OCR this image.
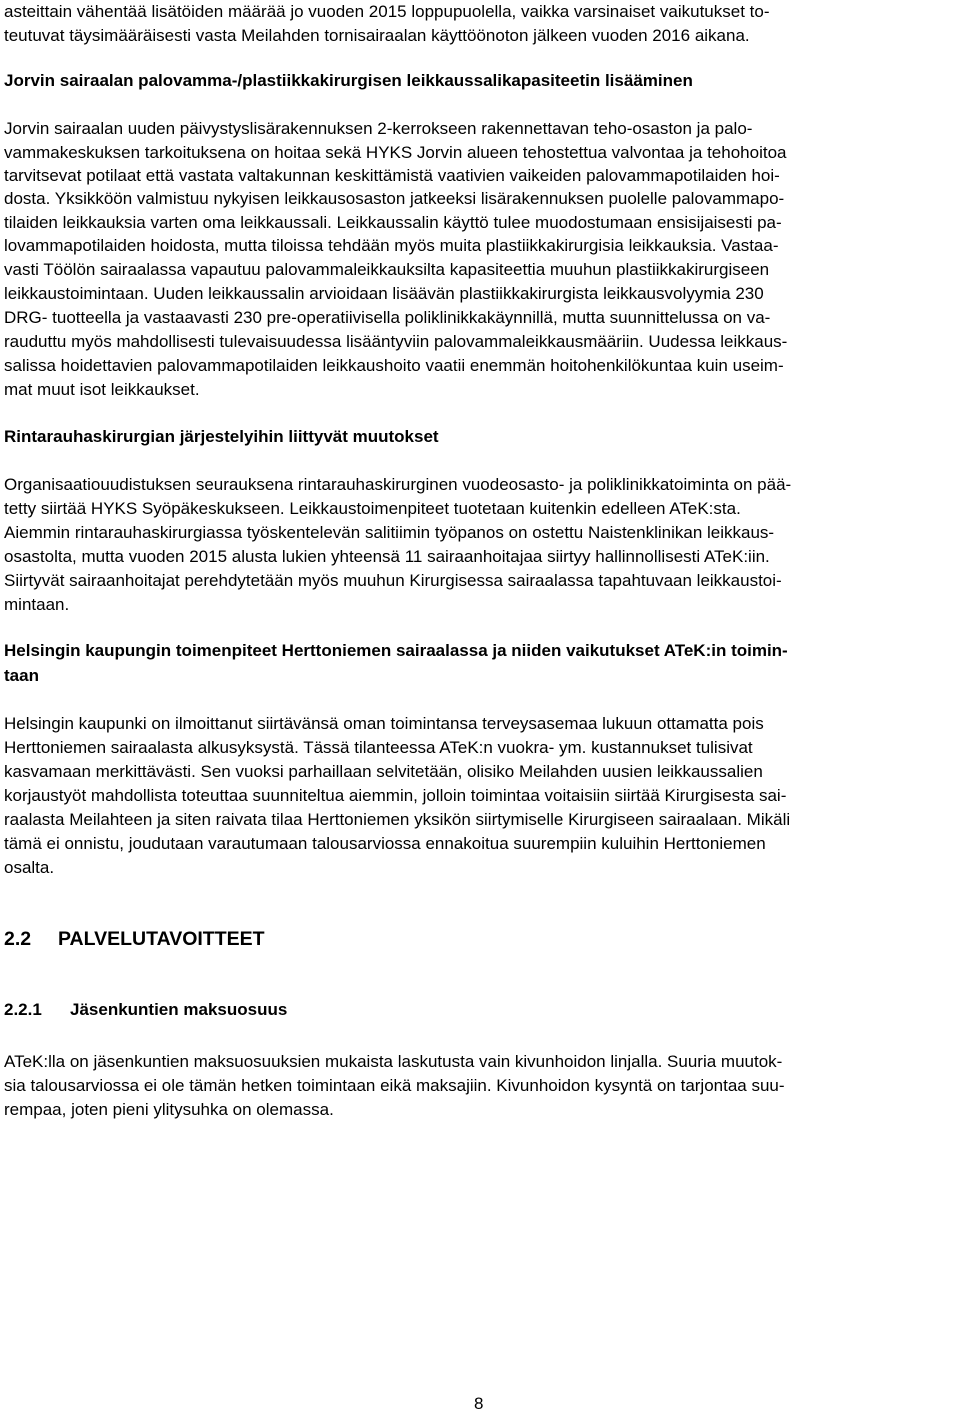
asteittain vähentää lisätöiden määrää jo vuoden 2015 loppupuolella, vaikka varsinaiset vaikutukset to-
teutuvat täysimääräisesti vasta Meilahden tornisairaalan käyttöönoton jälkeen vuoden 2016 aikana.
Jorvin sairaalan palovamma-/plastiikkakirurgisen leikkaussalikapasiteetin lisääminen
Jorvin sairaalan uuden päivystyslisärakennuksen 2-kerrokseen rakennettavan teho-osaston ja palo-
vammakeskuksen tarkoituksena on hoitaa sekä HYKS Jorvin alueen tehostettua valvontaa ja tehohoitoa
tarvitsevat potilaat että vastata valtakunnan keskittämistä vaativien vaikeiden palovammapotilaiden hoi-
dosta. Yksikköön valmistuu nykyisen leikkausosaston jatkeeksi lisärakennuksen puolelle palovammapo-
tilaiden leikkauksia varten oma leikkaussali. Leikkaussalin käyttö tulee muodostumaan ensisijaisesti pa-
lovammapotilaiden hoidosta, mutta tiloissa tehdään myös muita plastiikkakirurgisia leikkauksia. Vastaa-
vasti Töölön sairaalassa vapautuu palovammaleikkauksilta kapasiteettia muuhun plastiikkakirurgiseen
leikkaustoimintaan. Uuden leikkaussalin arvioidaan lisäävän plastiikkakirurgista leikkausvolyymia 230
DRG- tuotteella ja vastaavasti 230 pre-operatiivisella poliklinikkakäynnillä, mutta suunnittelussa on va-
rauduttu myös mahdollisesti tulevaisuudessa lisääntyviin palovammaleikkausmääriin. Uudessa leikkaus-
salissa hoidettavien palovammapotilaiden leikkaushoito vaatii enemmän hoitohenkilökuntaa kuin useim-
mat muut isot leikkaukset.
Rintarauhaskirurgian järjestelyihin liittyvät muutokset
Organisaatiouudistuksen seurauksena rintarauhaskirurginen vuodeosasto- ja poliklinikkatoiminta on pää-
tetty siirtää HYKS Syöpäkeskukseen. Leikkaustoimenpiteet tuotetaan kuitenkin edelleen ATeK:sta.
Aiemmin rintarauhaskirurgiassa työskentelevän salitiimin työpanos on ostettu Naistenklinikan leikkaus-
osastolta, mutta vuoden 2015 alusta lukien yhteensä 11 sairaanhoitajaa siirtyy hallinnollisesti ATeK:iin.
Siirtyvät sairaanhoitajat perehdytetään myös muuhun Kirurgisessa sairaalassa tapahtuvaan leikkaustoi-
mintaan.
Helsingin kaupungin toimenpiteet Herttoniemen sairaalassa ja niiden vaikutukset ATeK:in toimin-
taan
Helsingin kaupunki on ilmoittanut siirtävänsä oman toimintansa terveysasemaa lukuun ottamatta pois
Herttoniemen sairaalasta alkusyksystä. Tässä tilanteessa ATeK:n vuokra- ym. kustannukset tulisivat
kasvamaan merkittävästi. Sen vuoksi parhaillaan selvitetään, olisiko Meilahden uusien leikkaussalien
korjaustyöt mahdollista toteuttaa suunniteltua aiemmin, jolloin toimintaa voitaisiin siirtää Kirurgisesta sai-
raalasta Meilahteen ja siten raivata tilaa Herttoniemen yksikön siirtymiselle Kirurgiseen sairaalaan. Mikäli
tämä ei onnistu, joudutaan varautumaan talousarviossa ennakoitua suurempiin kuluihin Herttoniemen
osalta.
2.2 PALVELUTAVOITTEET
2.2.1 Jäsenkuntien maksuosuus
ATeK:lla on jäsenkuntien maksuosuuksien mukaista laskutusta vain kivunhoidon linjalla. Suuria muutok-
sia talousarviossa ei ole tämän hetken toimintaan eikä maksajiin. Kivunhoidon kysyntä on tarjontaa suu-
rempaa, joten pieni ylitysuhka on olemassa.
8
